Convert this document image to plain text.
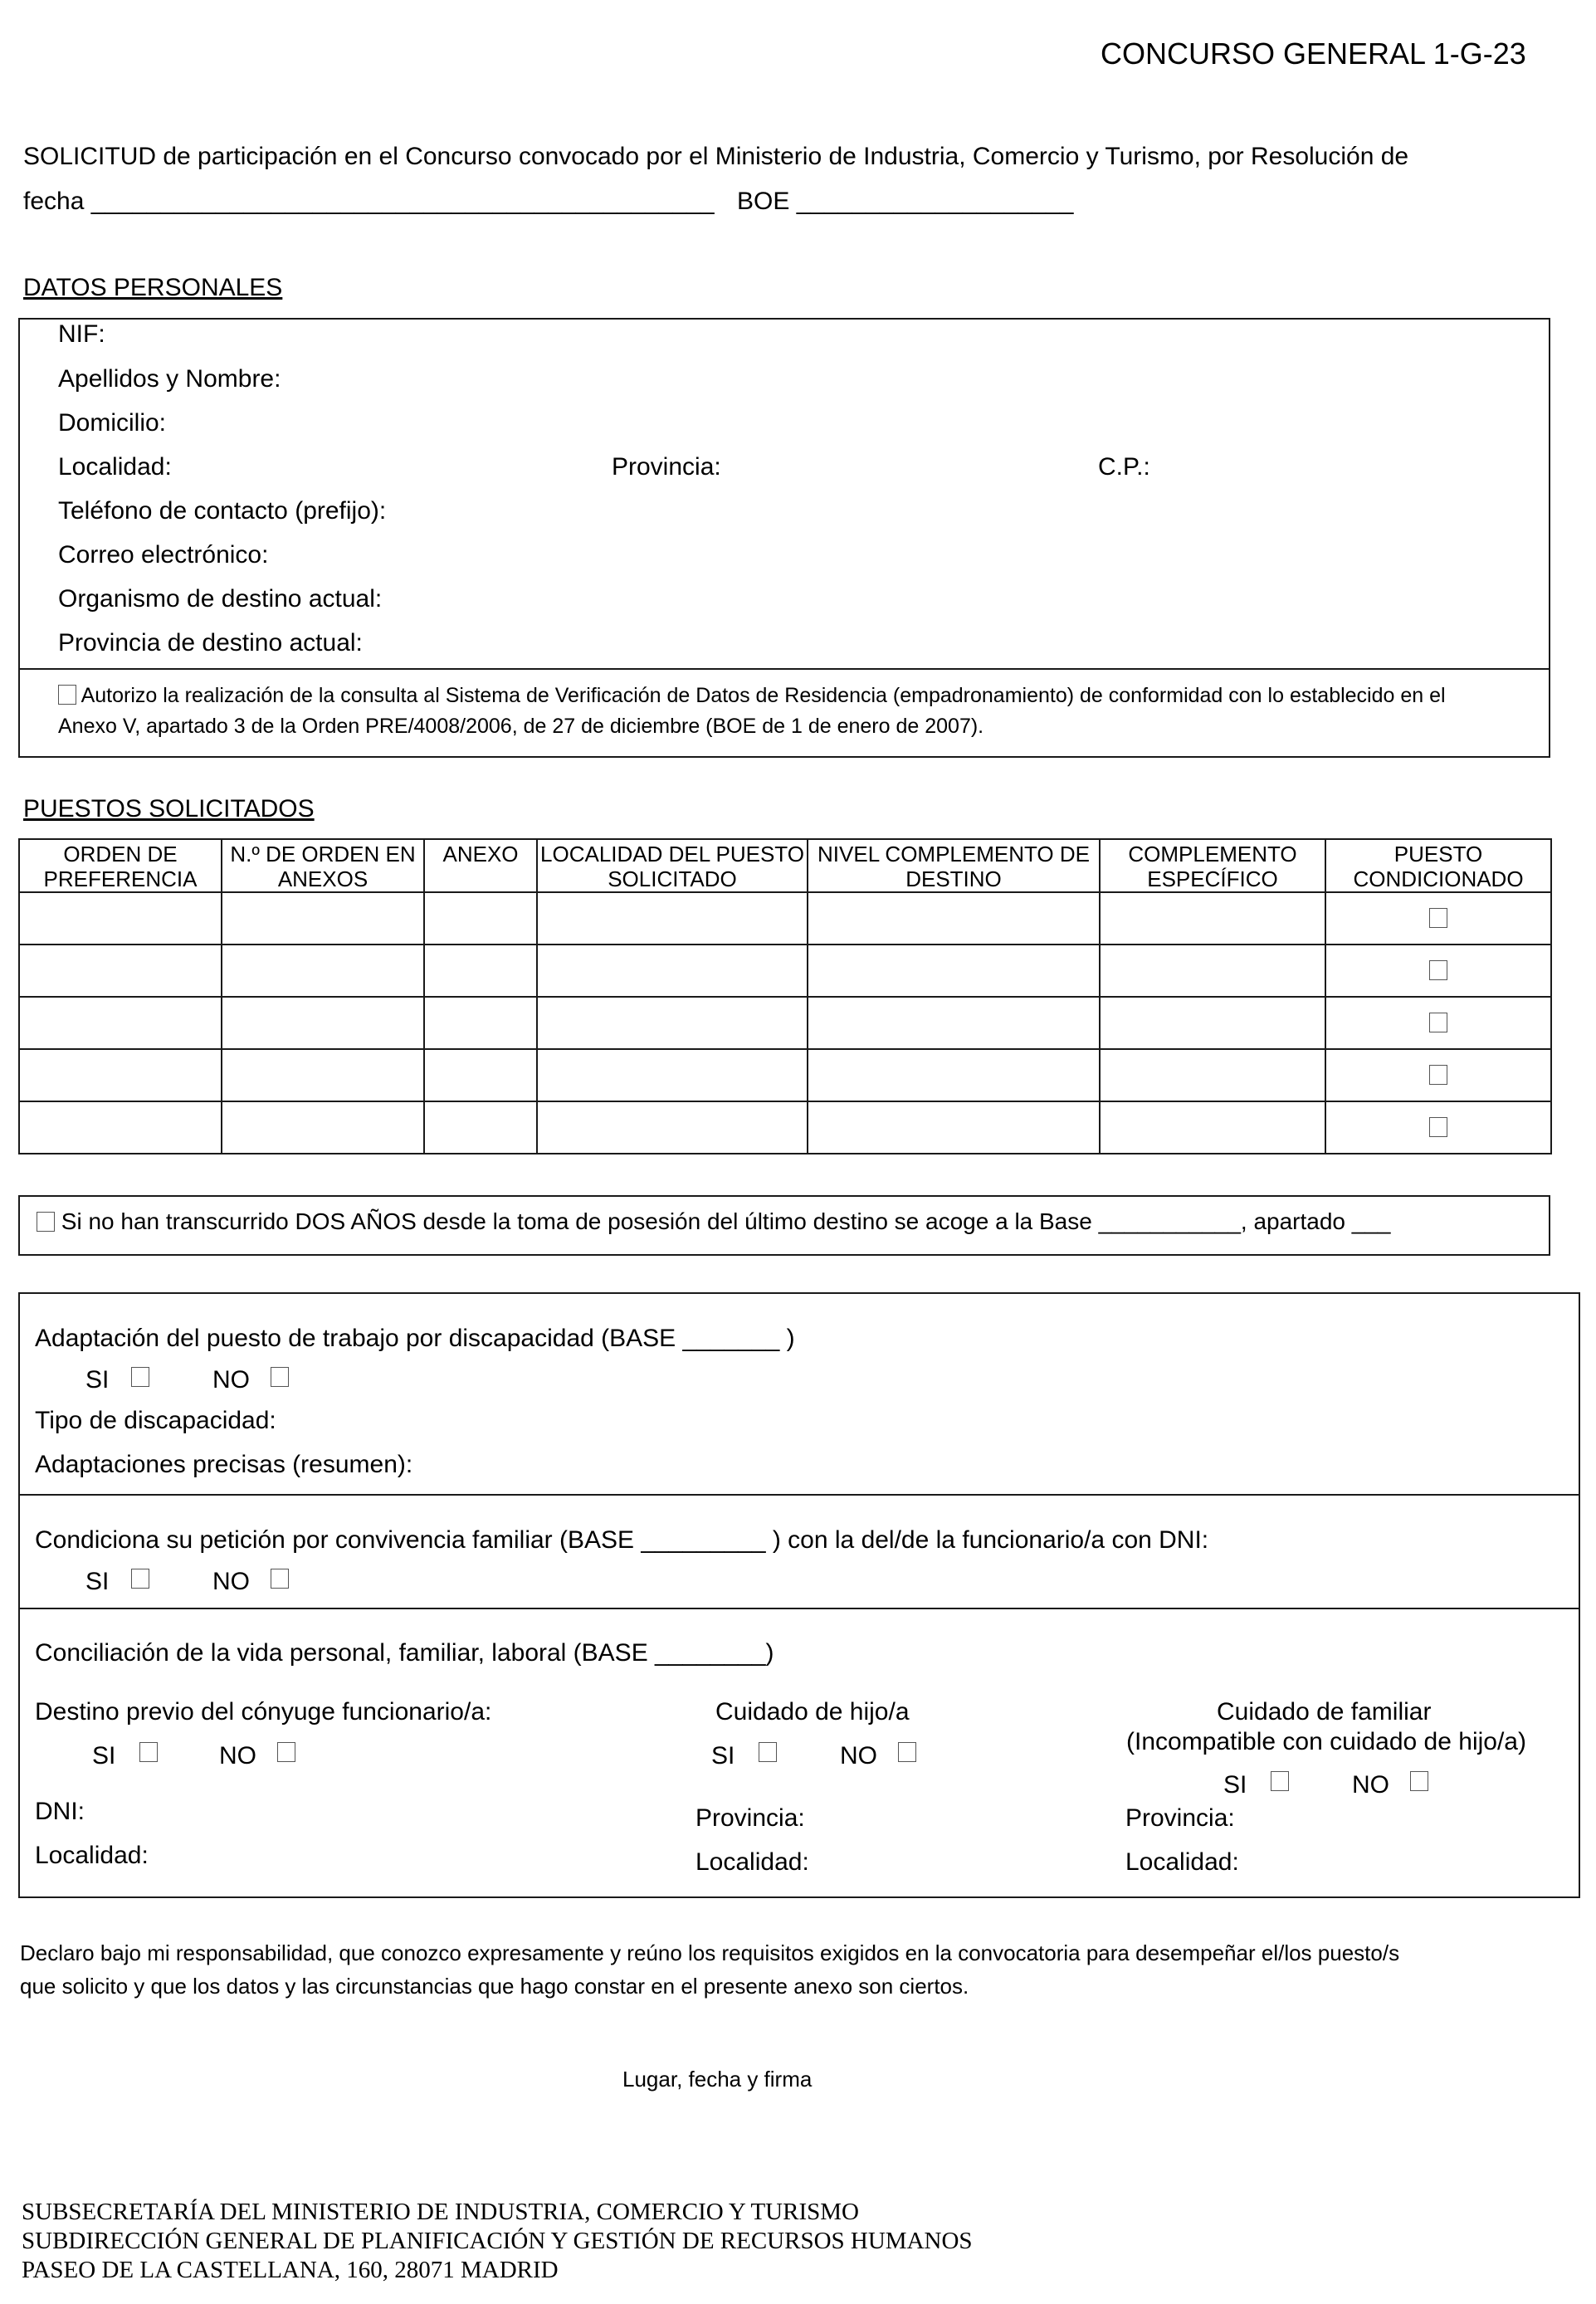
CONCURSO GENERAL 1-G-23
SOLICITUD de participación en el Concurso convocado por el Ministerio de Industria, Comercio y Turismo, por Resolución de
fecha _____________________________________________ BOE ____________________
DATOS PERSONALES
NIF:
Apellidos y Nombre:
Domicilio:
Localidad:	Provincia:	C.P.:
Teléfono de contacto (prefijo):
Correo electrónico:
Organismo de destino actual:
Provincia de destino actual:
Autorizo la realización de la consulta al Sistema de Verificación de Datos de Residencia (empadronamiento) de conformidad con lo establecido en el
Anexo V, apartado 3 de la Orden PRE/4008/2006, de 27 de diciembre (BOE de 1 de enero de 2007).
PUESTOS SOLICITADOS
ORDEN DE PREFERENCIA	N.º DE ORDEN EN ANEXOS	ANEXO	LOCALIDAD DEL PUESTO SOLICITADO	NIVEL COMPLEMENTO DE DESTINO	COMPLEMENTO ESPECÍFICO	PUESTO CONDICIONADO

Si no han transcurrido DOS AÑOS desde la toma de posesión del último destino se acoge a la Base ___________, apartado ___
Adaptación del puesto de trabajo por discapacidad (BASE _______ )
SI	NO
Tipo de discapacidad:
Adaptaciones precisas (resumen):
Condiciona su petición por convivencia familiar (BASE _________ ) con la del/de la funcionario/a con DNI:
SI	NO
Conciliación de la vida personal, familiar, laboral (BASE ________)
Destino previo del cónyuge funcionario/a:
SI	NO
DNI:
Localidad:
Cuidado de hijo/a
SI	NO
Provincia:
Localidad:
Cuidado de familiar
(Incompatible con cuidado de hijo/a)
SI	NO
Provincia:
Localidad:
Declaro bajo mi responsabilidad, que conozco expresamente y reúno los requisitos exigidos en la convocatoria para desempeñar el/los puesto/s
que solicito y que los datos y las circunstancias que hago constar en el presente anexo son ciertos.
Lugar, fecha y firma
SUBSECRETARÍA DEL MINISTERIO DE INDUSTRIA, COMERCIO Y TURISMO
SUBDIRECCIÓN GENERAL DE PLANIFICACIÓN Y GESTIÓN DE RECURSOS HUMANOS
PASEO DE LA CASTELLANA, 160, 28071 MADRID
